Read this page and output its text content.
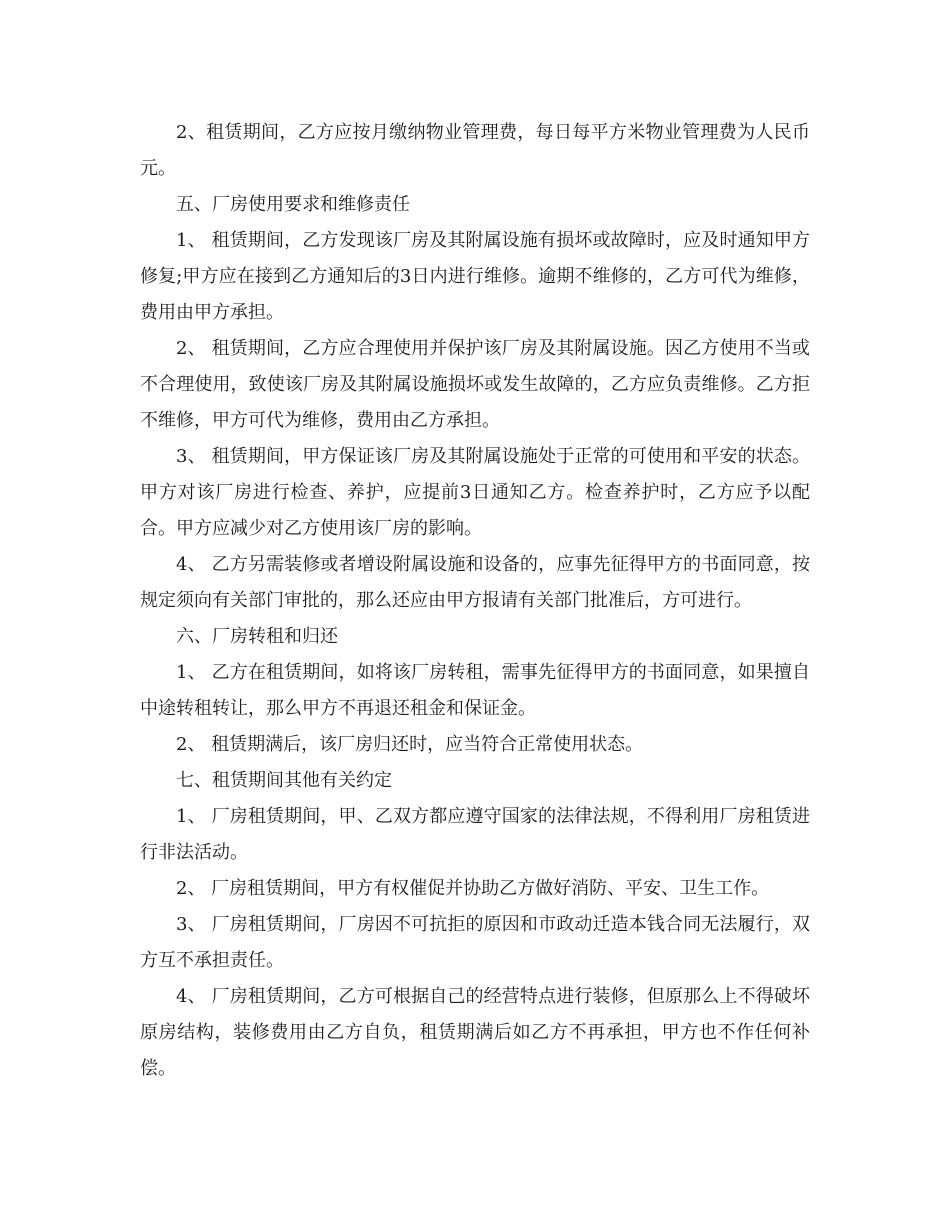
2、租赁期间，乙方应按月缴纳物业管理费，每日每平方米物业管理费为人民币 元。

五、厂房使用要求和维修责任

1、 租赁期间，乙方发现该厂房及其附属设施有损坏或故障时，应及时通知甲方修复;甲方应在接到乙方通知后的3日内进行维修。逾期不维修的，乙方可代为维修，费用由甲方承担。

2、 租赁期间，乙方应合理使用并保护该厂房及其附属设施。因乙方使用不当或不合理使用，致使该厂房及其附属设施损坏或发生故障的，乙方应负责维修。乙方拒不维修，甲方可代为维修，费用由乙方承担。

3、 租赁期间，甲方保证该厂房及其附属设施处于正常的可使用和平安的状态。甲方对该厂房进行检查、养护，应提前3日通知乙方。检查养护时，乙方应予以配合。甲方应减少对乙方使用该厂房的影响。

4、 乙方另需装修或者增设附属设施和设备的，应事先征得甲方的书面同意，按规定须向有关部门审批的，那么还应由甲方报请有关部门批准后，方可进行。

六、厂房转租和归还

1、 乙方在租赁期间，如将该厂房转租，需事先征得甲方的书面同意，如果擅自中途转租转让，那么甲方不再退还租金和保证金。

2、 租赁期满后，该厂房归还时，应当符合正常使用状态。

七、租赁期间其他有关约定

1、 厂房租赁期间，甲、乙双方都应遵守国家的法律法规，不得利用厂房租赁进行非法活动。

2、 厂房租赁期间，甲方有权催促并协助乙方做好消防、平安、卫生工作。

3、 厂房租赁期间，厂房因不可抗拒的原因和市政动迁造本钱合同无法履行，双方互不承担责任。

4、 厂房租赁期间，乙方可根据自己的经营特点进行装修，但原那么上不得破坏原房结构，装修费用由乙方自负，租赁期满后如乙方不再承担，甲方也不作任何补偿。
